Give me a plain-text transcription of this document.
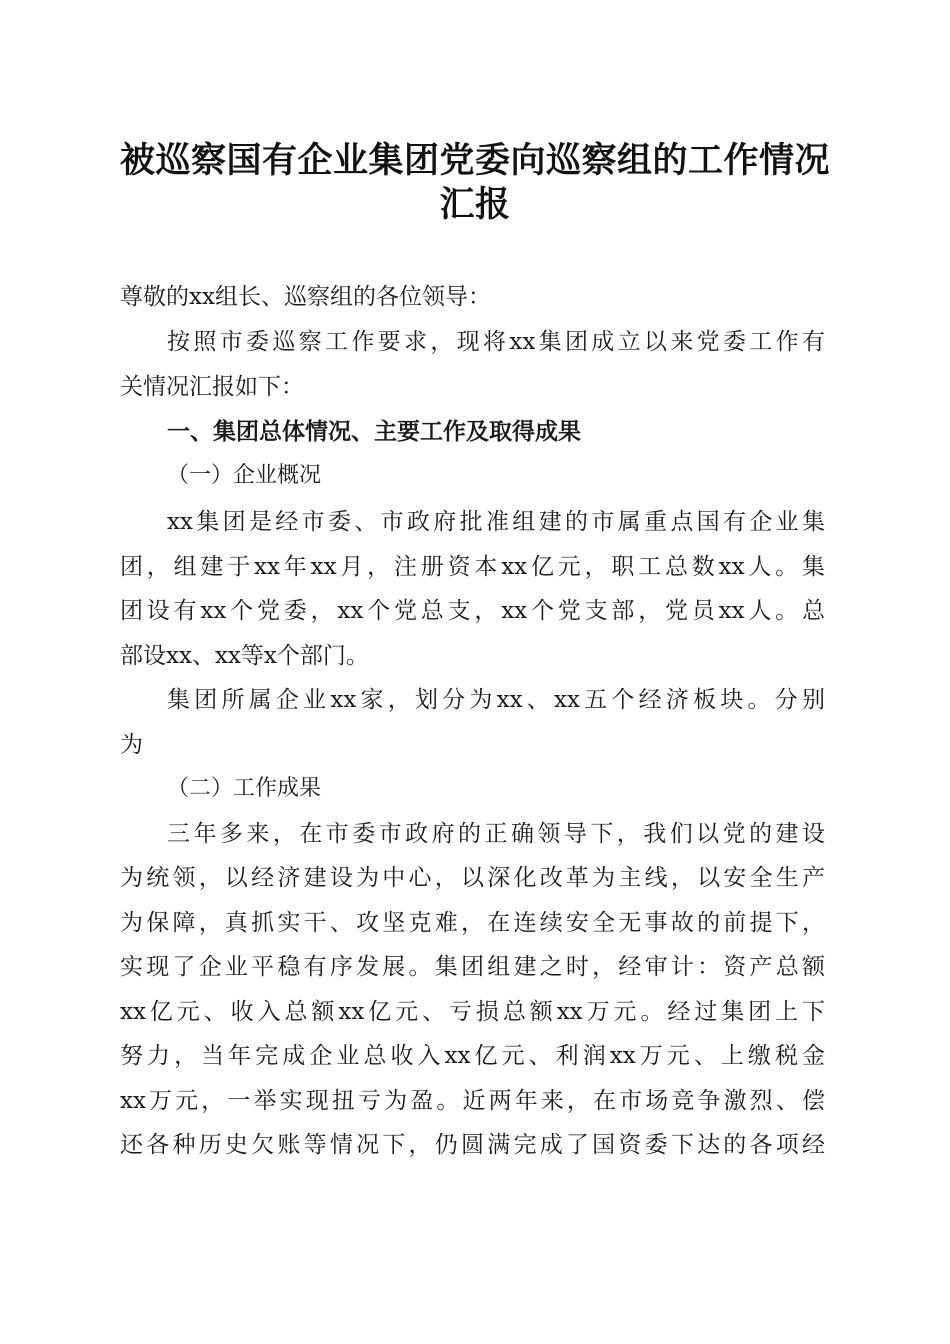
被巡察国有企业集团党委向巡察组的工作情况
汇报
尊敬的xx组长、巡察组的各位领导：
按照市委巡察工作要求，现将xx集团成立以来党委工作有
关情况汇报如下：
一、集团总体情况、主要工作及取得成果
（一）企业概况
xx集团是经市委、市政府批准组建的市属重点国有企业集
团，组建于xx年xx月，注册资本xx亿元，职工总数xx人。集
团设有xx个党委，xx个党总支，xx个党支部，党员xx人。总
部设xx、xx等x个部门。
集团所属企业xx家，划分为xx、xx五个经济板块。分别
为
（二）工作成果
三年多来，在市委市政府的正确领导下，我们以党的建设
为统领，以经济建设为中心，以深化改革为主线，以安全生产
为保障，真抓实干、攻坚克难，在连续安全无事故的前提下，
实现了企业平稳有序发展。集团组建之时，经审计：资产总额
xx亿元、收入总额xx亿元、亏损总额xx万元。经过集团上下
努力，当年完成企业总收入xx亿元、利润xx万元、上缴税金
xx万元，一举实现扭亏为盈。近两年来，在市场竞争激烈、偿
还各种历史欠账等情况下，仍圆满完成了国资委下达的各项经
